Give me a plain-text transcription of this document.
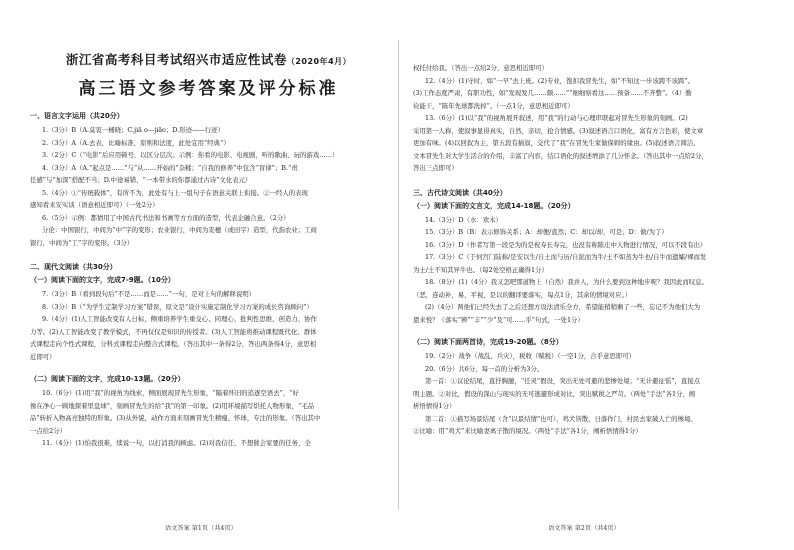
浙江省高考科目考试绍兴市适应性试卷（2020年4月）
高三语文参考答案及评分标准
一、语言文字运用（共20分）
1.（3分）B（A.莫衷一桶晓；C.jiā o—jiāo；D.形迹——行迹）
2.（3分）A（A.去表，比喻标准，原则和法度，此处宜用“经典”）
3.（2分）C（“电影”后应用顿号，以区分层次。示例：你看的电影、电视剧，听的歌曲、玩的游戏……）
4.（3分）A（A.“起点是……”与“从……开始的”杂糅；“自我的修养”中包含“盲律”；B.“责
任感”与“加深”搭配不当；D.中途易错，“一本带水的你都通过古诗”文化表元）
5.（4分）①“传统载体”，有所不为，此处有与上一组句子在语意关联上衔接。②一经人的表现
感知看来安实谈（语意相近即可）（一处2分）
6.（5分）示例：都情用了中国古代书法和书画等方方面的造型，代表企融合意。（2分）
分论：中国银行，中间为“中”字的变形；农业银行，中间为麦穗（或田字）造型，代指农业；工商
银行，中间为“工”字的变形。（3分）
二、现代文阅读（共30分）
（一）阅读下面的文字，完成7-9题。（10分）
7.（3分）B（看到段句后“不是……而是……”一句，是对上句的解释说明）
8.（3分）B（“为学生定制学习方案”错误，原文是“设计实施定制化学习方案的成长咨询顾问”）
9.（4分）(1)人工智能改变有人日标，侧重培养学生重交心、同理心、批判性思维、创造力、协作
力等。(2)人工智能改变了教学模式，不再仅仅是知识的传授者。(3)人工智能将推动课程既代化、群体
式课程走向个性式课程，分科式课程走向整合式课程。（答出其中一条得2分，答出两条得4分，意思相
近即可）
（二）阅读下面的文字，完成10-13题。（20分）
10.（6分）(1)用“我”的视角为线索，侧面展现冒先生形象，“隔着怀旧的追逐空语去”，“好
像在净心一顾地探着里盘球”，刻画冒先生的给“我”的第一印象。(2)用环境描写烘托人物形象，“毛品
品”转折入物高亮独特的形象。(3)从外貌，动作方面来刻画冒先生精瘦、怀球，专注的形象。（答出其中
一点给2分）
11.（4分）(1)怕我很难，续说一句，以打消我的顾虑。(2)对我信任，不想催会家要的任务，全
权托付给我。（答出一点给2分，意思相近即可）
12.（4分）(1)守时，如“一早”去上班。(2)专业，饱扣我冒先生，如“不知这一步该跨不该跨”。
(3)工作态度严肃，有职功性，如“发现发几……颇……”“细细察看这……预备……不齐整”。（4）勤
俭能干，“陈年先球都洗掉”。（一点1分，意思相近即可）
13.（6分）(1)以“我”的视角展开叙述，用“我”的行动与心理串联起对冒先生形象的刻画。(2)
采用第一人称，使叙事显得真实，自然，亲切，抢合情感。(3)叙述语言口语化，富有方言色彩，使文章
更加有味。(4)以回叙为主，第五段有插叙，交代了“我”在冒先生家做保姆的缘由。(5)叙述语言简洁、
文本冒先生对大学生活合的介绍，丰富了内容，结口语化的叙述增添了几分怀念。（答出其中一点给2分，
答出三点即可）
三、古代诗文阅读（共40分）
（一）阅读下面的文言文，完成14-18题。（20分）
14.（3分）D（水：欢木）
15.（3分）B（B：表示修饰关系；A：却便/直然；C：却以/却，可是；D：做/为了）
16.（3分）D（作者写第一段是为的是祝寿长寿完，也没有称陈庄中人物进行情况，可以不段有出）
17.（3分）C（于何宫门陆称/是安以生/自土而与历/自泥而为牛/土不如蒸为牛也/自牛而遗孀/裸而发
为土/土不知其异牛也。（每2处空格正确得1分）
18.（8分）(1)（4分）我又怎吧那道物上（自然）我并人，为什么要到这种地步呢？我因此而叹息。
（恶，连动补，易，平视，是以的翻译要落实，每点1分，其余的情境对应。）
(2)（4分）两他们已经失去了之后还想方设法清乐全方，希望能稍稍剩了一些，忘记不为他们大为
恩来悦？（落实“辨”“丰”“少”及“可……乎”句式，一处1分）
（二）阅读下面两首诗，完成19-20题。（8分）
19.（2分）战争（战乱、兵灾），税收（赋税）（一空1分，合乎意思即可）
20.（6分）共6分，每一首的分析为3分。
第一首：①议论结尾，直抒胸臆，“任灵”假设，突出无处可避的悲惨处境；“无计避征徭”，直接点
明主题。②对比，假设的深山与现实的无可逃避形成对比，突出赋税之严苛。（两处“手法”各1分，阐
析悟情得1分）
第二首：①描写场景结尾（含“以景结情”也可），鸡犬皆散，日落作门，村民去家破人亡的惨境。
②比喻：用“鸡犬”来比喻妻离子散的境况。（两处“手法”各1分，阐析悟情得1分）
语文答案 第1页（共4页）	语文答案 第2页（共4页）
